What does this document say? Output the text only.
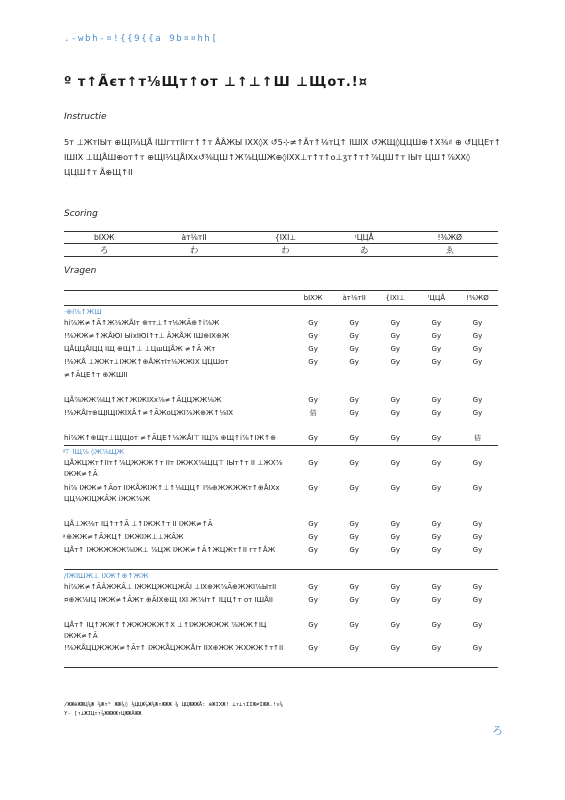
.-wbh-¤!{{9{{a 9b¤¤hh[
º т↑Ãєт↑т⅛Щт↑от ⊥↑⊥↑Ш ⊥Щот.!¤
Instructie
5т ⊥ЖтІЫт ⊕ЩІ⅓ЦÅ ІШгттІІгт↑↑т ÅÂЖЫ ІХХ◊Х ↺5⊹≠↑Ãт↑⅛тЦ↑ ІШІХ ↺ЖЩ◊ЦЦШ⊕↑Х⅜♯ ⊕ ↺ЦЦЕт↑ ІШІХ ⊥ЩÅШ⊕от↑т ⊕ЩІ⅓ЦÅІХх↺⅜ЦШ↑Ж⅞ЦШЖ⊕◊ІХХ⊥т↑т↑о⊥ӡт↑т↑⅞ЦШ↑т ІЫт ЦШ↑⅞ХХ◊ ЦЦШ↑т Ã⊕Щ↑ІІ
Scoring
bІХЖ	àт⅛тІІ	{ІХІ⊥	ᶦЦЦÅ	!⅜ЖØ
ろ	わ	わ	ゐ	ゑ
Vragen
	bІХЖ	àт⅛тІІ	{ІХІ⊥	ᶦЦЦÅ	!⅜ЖØ
·⊕і⅞↑ЖШ					
hі⅞Ж≠↑Ã↑Ж⅛ЖÅІт ⊕тт⊥↑т⅛ЖÃ⊕↑і⅞Ж	Gy	Gy	Gy	Gy	Gy
!⅜ЖЖ≠↑ЖÅЮІ ЫіхІЮІ↑т⊥ ÂЖÅЖ ІШ⊕ІХ⊕Ж	Gy	Gy	Gy	Gy	Gy
ЦÅЦЦÅІЦЦ ІЩ ⊕Щ↑⊥ ⊥ЦшЩÅЖ ≠↑Ã Жт	Gy	Gy	Gy	Gy	Gy
!⅜ЖÅ ⊥ЖЖт⊥ІЖЖ↑⊕ÅЖтІт⅛ЖЖІХ ЦЦШот	Gy	Gy	Gy	Gy	Gy
≠↑ÃЦЕ↑т ⊕ЖШІІ					
ЦÅ⅞ЖЖ⅞Щ↑Ж↑ЖІЖІХх⅞≠↑ÃЦЦЖЖ⅛Ж	Gy	Gy	Gy	Gy	Gy
!⅜ЖÅІт⊕ЩІЩІЖІХÂ↑≠↑ÃЖоЦЖІ⅞Ж⊕Ж↑⅛ІХ	佶	Gy	Gy	Gy	Gy
hі⅞Ж↑⊕Щт⊥ЩЩот ≠↑ÃЦЕ↑⅛ЖÅІ⊤ ІЩ⅞ ⊕Щ↑і⅞↑ІЖ↑⊕	Gy	Gy	Gy	Gy	佶
ͣ⊤ ІЩ⅞ ◊Ж⅞ЩЖ					
ЦÅЖЦЖт↑ІІт↑⅞ЦЖЖЖ↑т ІІт ІЖЖХ⅞ЩЦ⊤ ІЫт↑т ІІ ⊥ЖХ⅞ ІЖЖ≠↑Ã	Gy	Gy	Gy	Gy	Gy
hі⅞ ІЖЖ≠↑Ãот ІІЖÅЖІЖ↑⊥↑⅛ЩЦ↑ І⅜⊕ЖЖЖЖт↑⊕ÅІХх ЦЦ⅛ЖІЦЖÂЖ іЖЖ⅞Ж	Gy	Gy	Gy	Gy	Gy
ЦÅ⊥Ж⅛т ІЦ↑т↑Ã ⊥↑ІЖЖ↑т ІІ ІЖЖ≠↑Ã	Gy	Gy	Gy	Gy	Gy
ͣ ⊕ЖЖ≠↑ÃЖЦ↑ ІЖЖІЖ⊥⊥ЖÂЖ	Gy	Gy	Gy	Gy	Gy
ЦÅт↑ ІЖЖЖЖЖ⅞ІЖ⊥ ⅞ЦЖ ІЖЖ≠↑Ã↑ЖЦЖт↑ІІ гт↑ÅЖ	Gy	Gy	Gy	Gy	Gy
/ІЖІШЖ⊥ ІХЖ↑⊕↑ЖЖ					
hі⅞Ж≠↑ÃÂЖЖÂ⊥ ІЖЖЦЖЖЦЖÂІ ⊥ІХ⊕Ж⅞Ã⊕ЖЖІ⅞ЫтІІ	Gy	Gy	Gy	Gy	Gy
¤⊕Ж⅞ІЦ ІЖЖ≠↑ÃЖт ⊕ÃІХ⊕Щ ІХІ Ж⅞Іт↑ ІЦЦ↑т от ІШÅІІ	Gy	Gy	Gy	Gy	Gy
ЦÅт↑ ІЦ↑ЖЖ↑↑ЖЖЖЖЖ↑Х ⊥↑ІЖЖЖЖЖ ⅞ЖЖ↑ІЦ ІЖЖ≠↑Ã	Gy	Gy	Gy	Gy	Gy
!⅜ЖÅЦЦЖЖЖ≠↑Ãт↑ ІЖЖÅЦЖЖÅІт ІІХ⊕ЖЖ ЖХЖЖ↑т↑ІІ	Gy	Gy	Gy	Gy	Gy
/ЖЖ⊕ЖЖЦ⅜Ж ⅜Жт° ЖЖ⅜◊ ⅜ЦЦЖ⅞Ж⅜Ж↑ЖЖЖ ⅜ ЦЦЖЖЖÅ: ⊕ЖІХЖ! ⊥↑⊥↑ІІЖ≠ІЖЖ.!¤⅜
Y- [↑⊥ЖІЦт↑⅞ЖЖЖЖ↑ЦЖЖÂЖЖ
ろ
